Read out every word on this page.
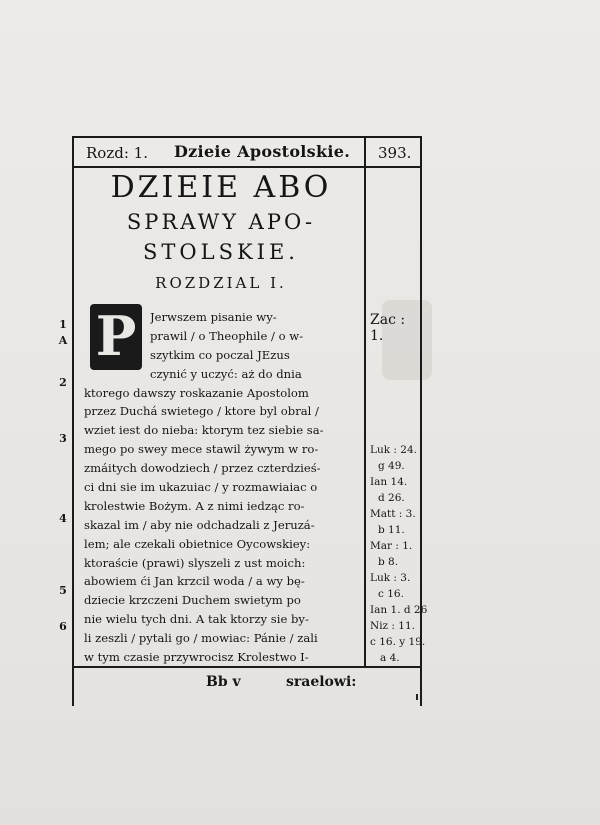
Rozd: 1. Dzieie Apostolskie. 393.
DZIEIE ABO
SPRAWY APO-
STOLSKIE.
ROZDZIAL I.
P	Zac : 1.
Jerwszem pisanie wy-
prawil / o Theophile / o w-
szytkim co poczal JEzus
czynić y uczyć: aż do dnia
ktorego dawszy roskazanie Apostolom
przez Duchá swietego / ktore byl obral /
wziet iest do nieba: ktorym tez siebie sa-
mego po swey mece stawil żywym w ro-
zmáitych dowodziech / przez czterdzieś-
ci dni sie im ukazuiac / y rozmawiaiac o
krolestwie Bożym. A z nimi iedząc ro-
skazal im / aby nie odchadzali z Jeruzá-
lem; ale czekali obietnice Oycowskiey:
ktoraście (prawi) slyszeli z ust moich:
abowiem ći Jan krzcil woda / a wy bę-
dziecie krzczeni Duchem swietym po
1
A
2
3
4
5
6
Luk : 24.
g 49.
Ian 14.
d 26.
Matt : 3.
b 11.
Mar : 1.
b 8.
Luk : 3.
c 16.
Ian 1. d 26
Niz : 11.
c 16. y 19.
a 4.
Bb v	sraelowi:
nie wielu tych dni. A tak ktorzy sie by-
li zeszli / pytali go / mowiac: Pánie / zali
w tym czasie przywrocisz Krolestwo I-
